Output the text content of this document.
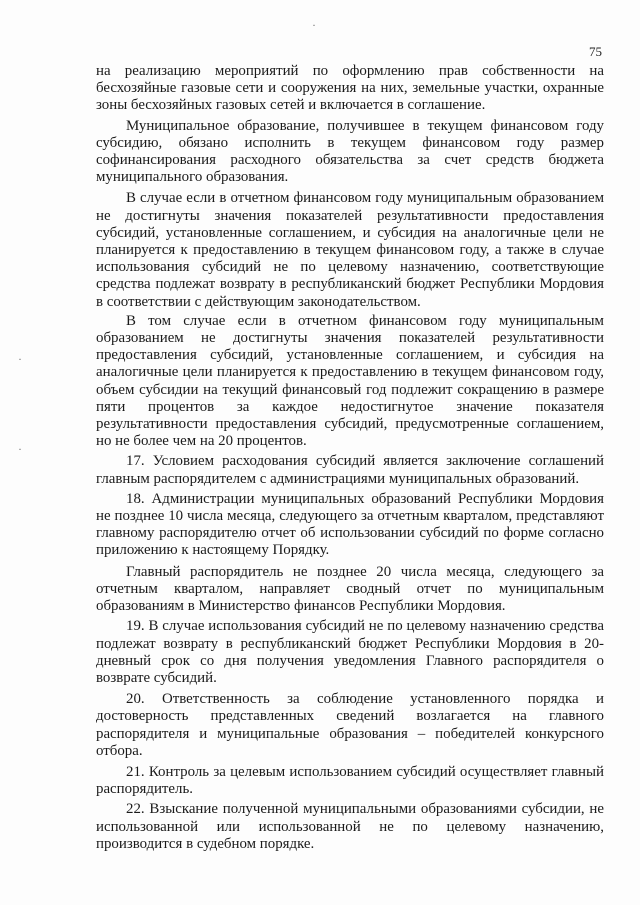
75
·
·
·

на реализацию мероприятий по оформлению прав собственности на бесхозяйные газовые сети и сооружения на них, земельные участки, охранные зоны бесхозяйных газовых сетей и включается в соглашение.

Муниципальное образование, получившее в текущем финансовом году субсидию, обязано исполнить в текущем финансовом году размер софинансирования расходного обязательства за счет средств бюджета муниципального образования.

В случае если в отчетном финансовом году муниципальным образованием не достигнуты значения показателей результативности предоставления субсидий, установленные соглашением, и субсидия на аналогичные цели не планируется к предоставлению в текущем финансовом году, а также в случае использования субсидий не по целевому назначению, соответствующие средства подлежат возврату в республиканский бюджет Республики Мордовия в соответствии с действующим законодательством.

В том случае если в отчетном финансовом году муниципальным образованием не достигнуты значения показателей результативности предоставления субсидий, установленные соглашением, и субсидия на аналогичные цели планируется к предоставлению в текущем финансовом году, объем субсидии на текущий финансовый год подлежит сокращению в размере пяти процентов за каждое недостигнутое значение показателя результативности предоставления субсидий, предусмотренные соглашением, но не более чем на 20 процентов.

17. Условием расходования субсидий является заключение соглашений главным распорядителем с администрациями муниципальных образований.

18. Администрации муниципальных образований Республики Мордовия не позднее 10 числа месяца, следующего за отчетным кварталом, представляют главному распорядителю отчет об использовании субсидий по форме согласно приложению к настоящему Порядку.

Главный распорядитель не позднее 20 числа месяца, следующего за отчетным кварталом, направляет сводный отчет по муниципальным образованиям в Министерство финансов Республики Мордовия.

19. В случае использования субсидий не по целевому назначению средства подлежат возврату в республиканский бюджет Республики Мордовия в 20-дневный срок со дня получения уведомления Главного распорядителя о возврате субсидий.

20. Ответственность за соблюдение установленного порядка и достоверность представленных сведений возлагается на главного распорядителя и муниципальные образования – победителей конкурсного отбора.

21. Контроль за целевым использованием субсидий осуществляет главный распорядитель.

22. Взыскание полученной муниципальными образованиями субсидии, не использованной или использованной не по целевому назначению, производится в судебном порядке.
